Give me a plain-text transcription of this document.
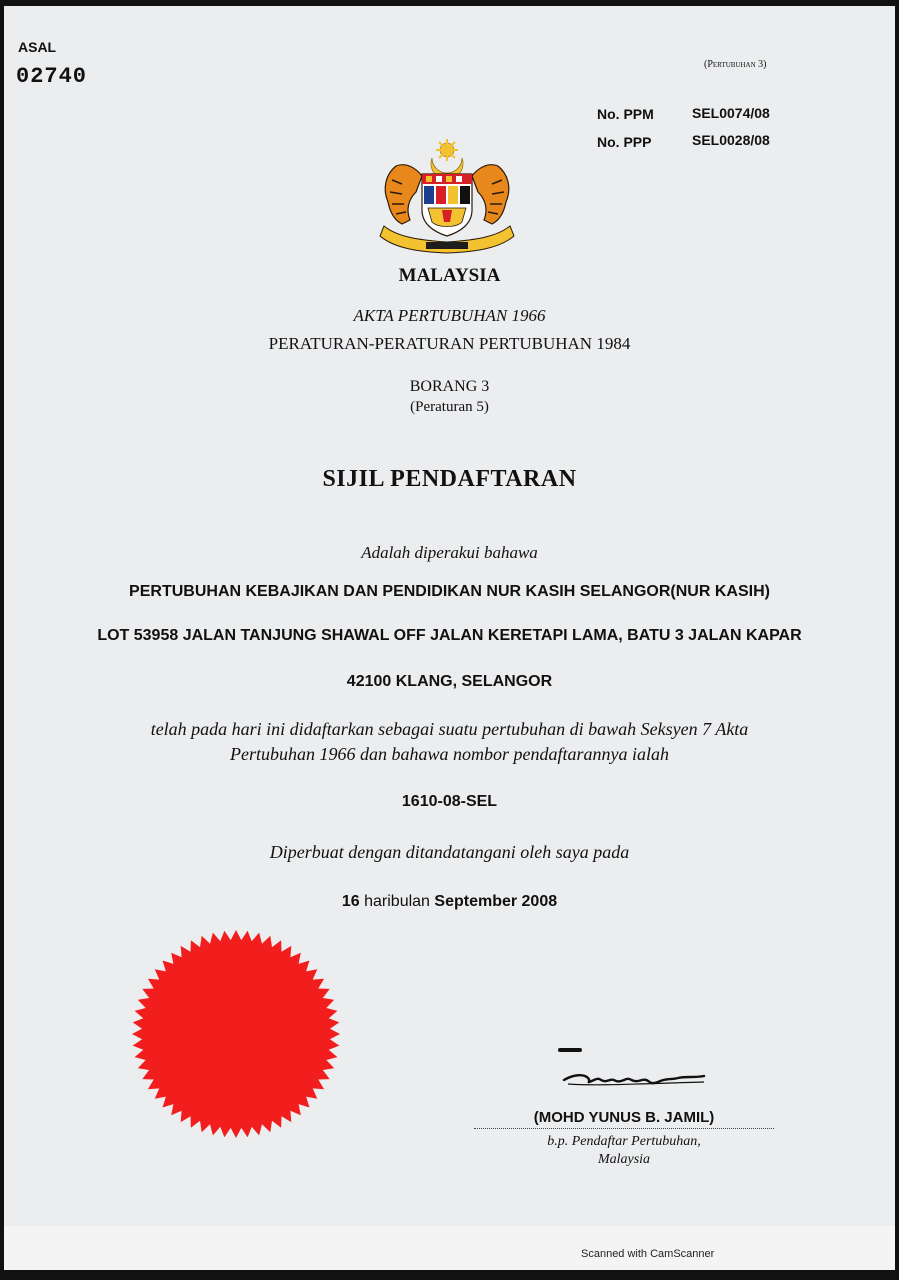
ASAL
02740	(Pertubuhan 3)
No. PPM	SEL0074/08
No. PPP	SEL0028/08
MALAYSIA
AKTA PERTUBUHAN 1966
PERATURAN-PERATURAN PERTUBUHAN 1984
BORANG 3
(Peraturan 5)
SIJIL PENDAFTARAN
Adalah diperakui bahawa
PERTUBUHAN KEBAJIKAN DAN PENDIDIKAN NUR KASIH SELANGOR(NUR KASIH)
LOT 53958 JALAN TANJUNG SHAWAL OFF JALAN KERETAPI LAMA, BATU 3 JALAN KAPAR
42100 KLANG, SELANGOR
telah pada hari ini didaftarkan sebagai suatu pertubuhan di bawah Seksyen 7 Akta
Pertubuhan 1966 dan bahawa nombor pendaftarannya ialah
1610-08-SEL
Diperbuat dengan ditandatangani oleh saya pada
16 haribulan September 2008
(MOHD YUNUS B. JAMIL)
b.p. Pendaftar Pertubuhan,
Malaysia
Scanned with CamScanner
